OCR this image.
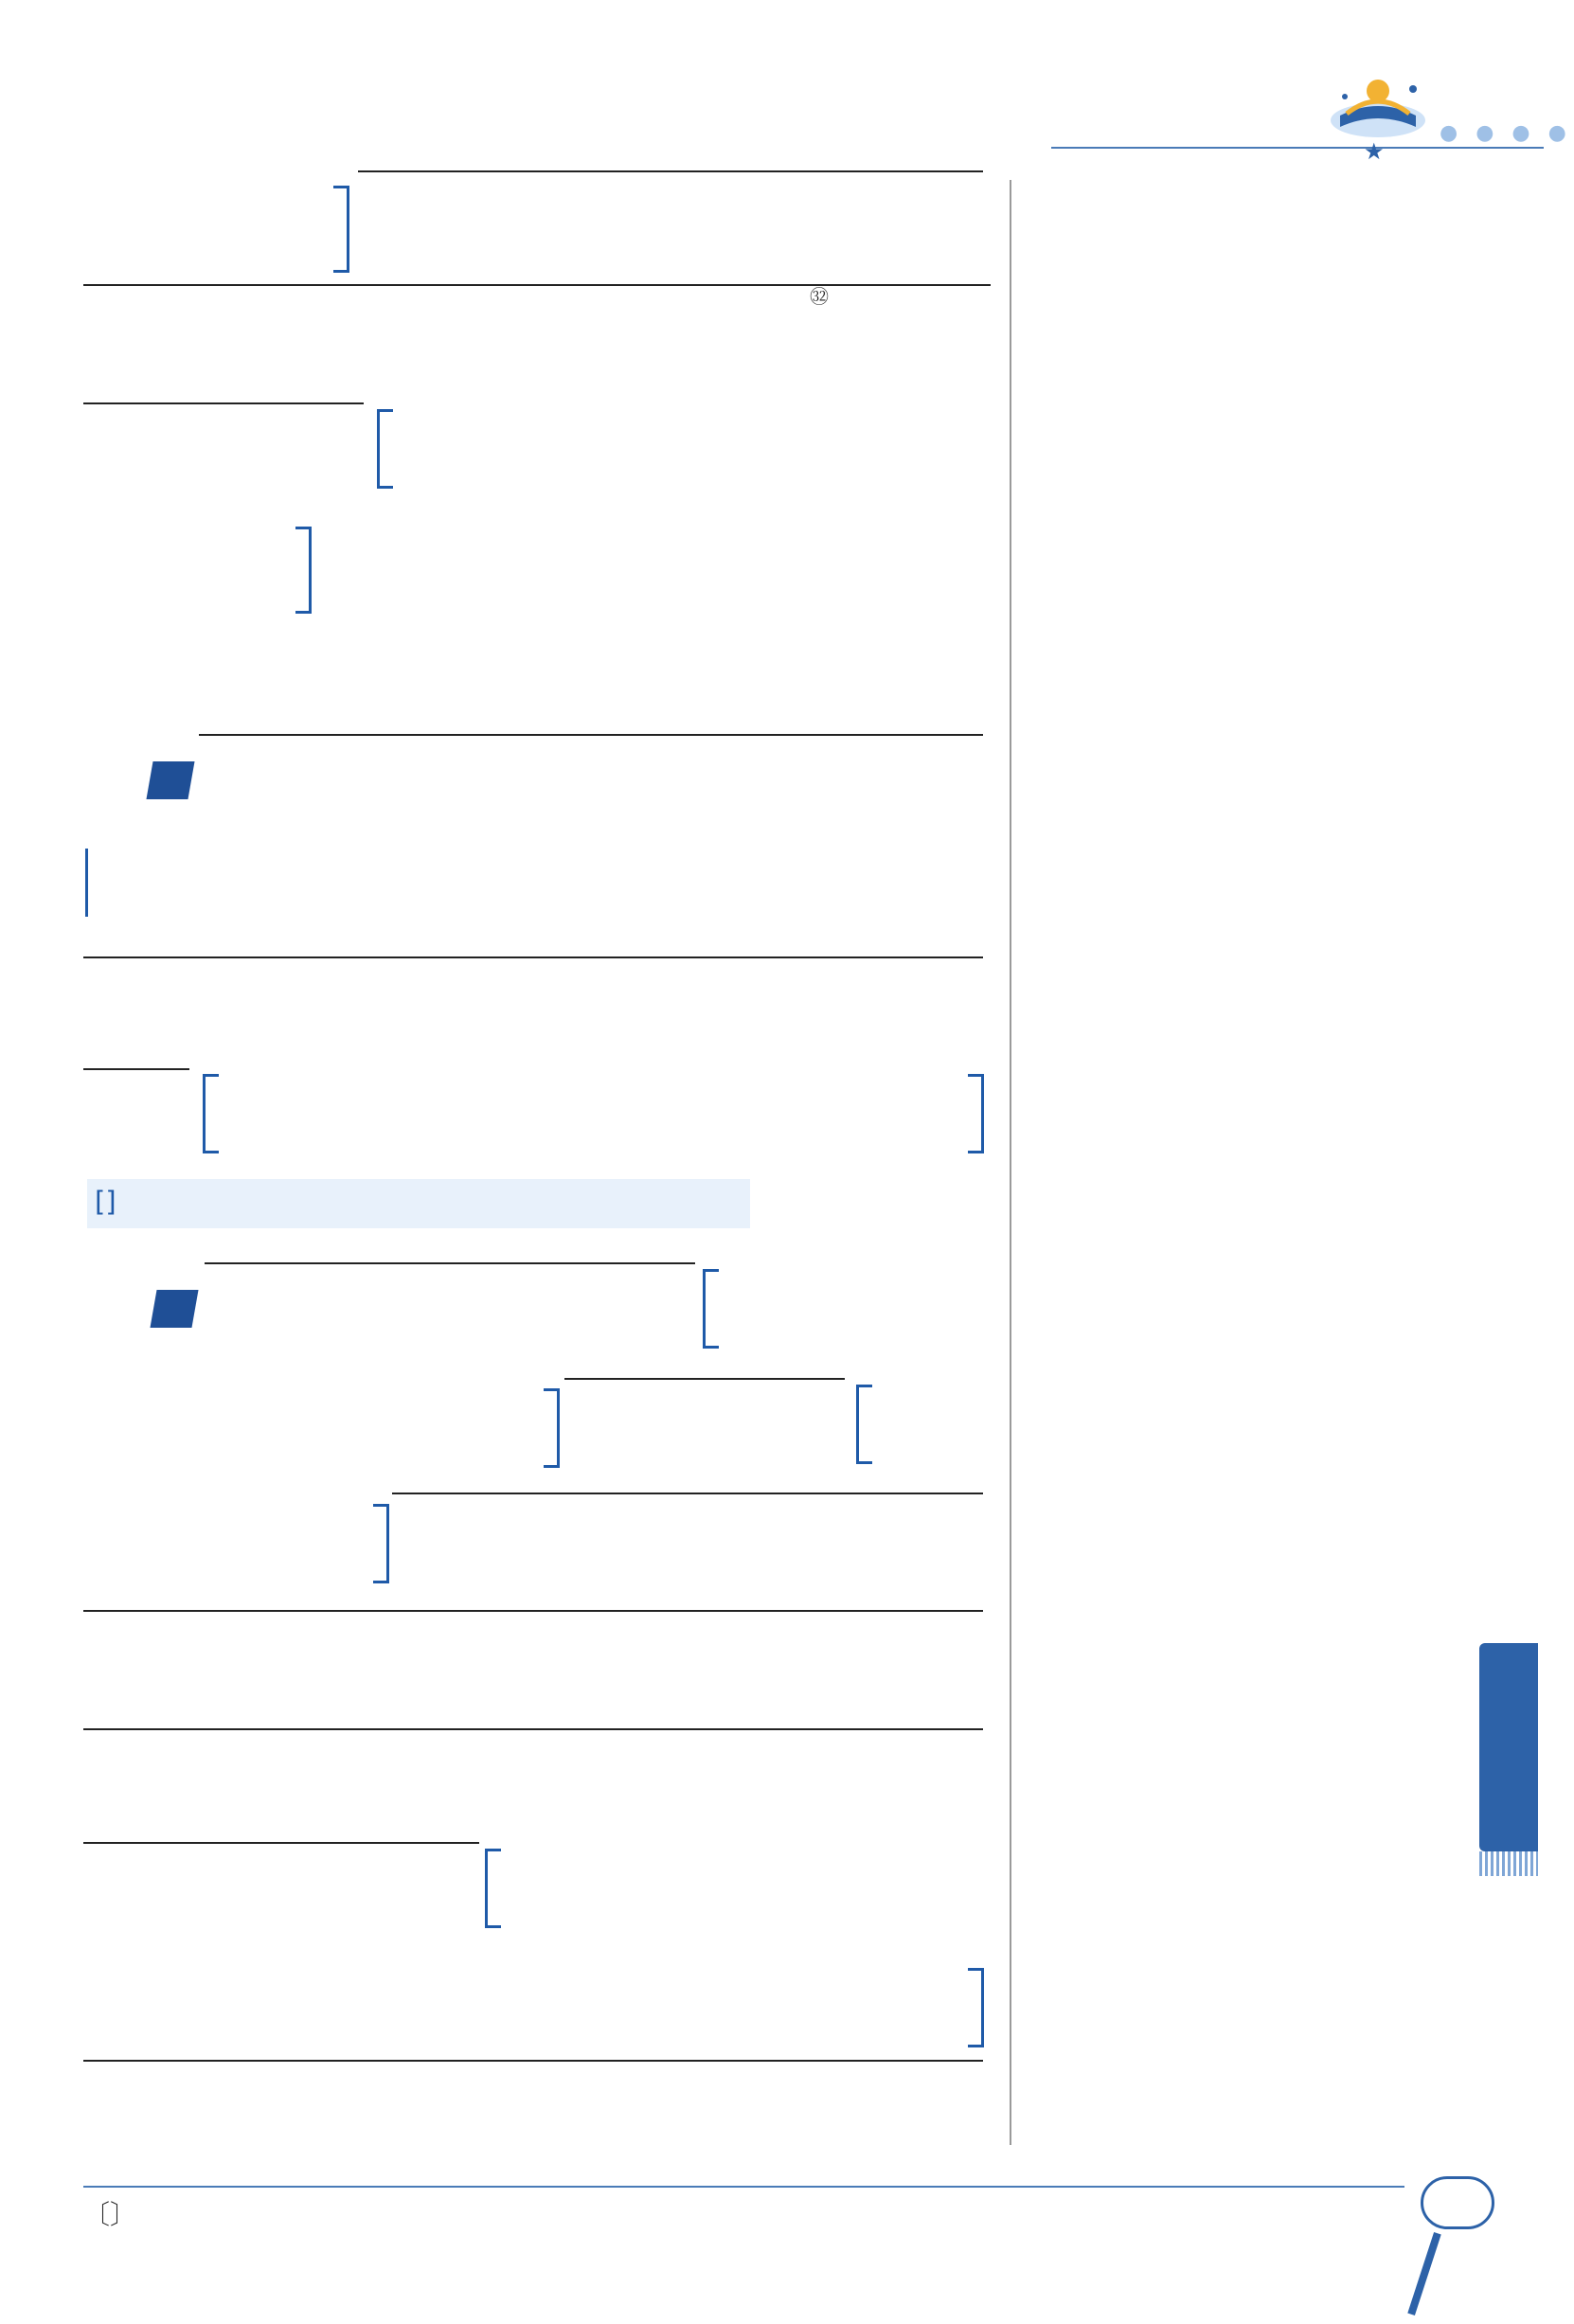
● ● ● ●
★
㉜
[]
〔〕
